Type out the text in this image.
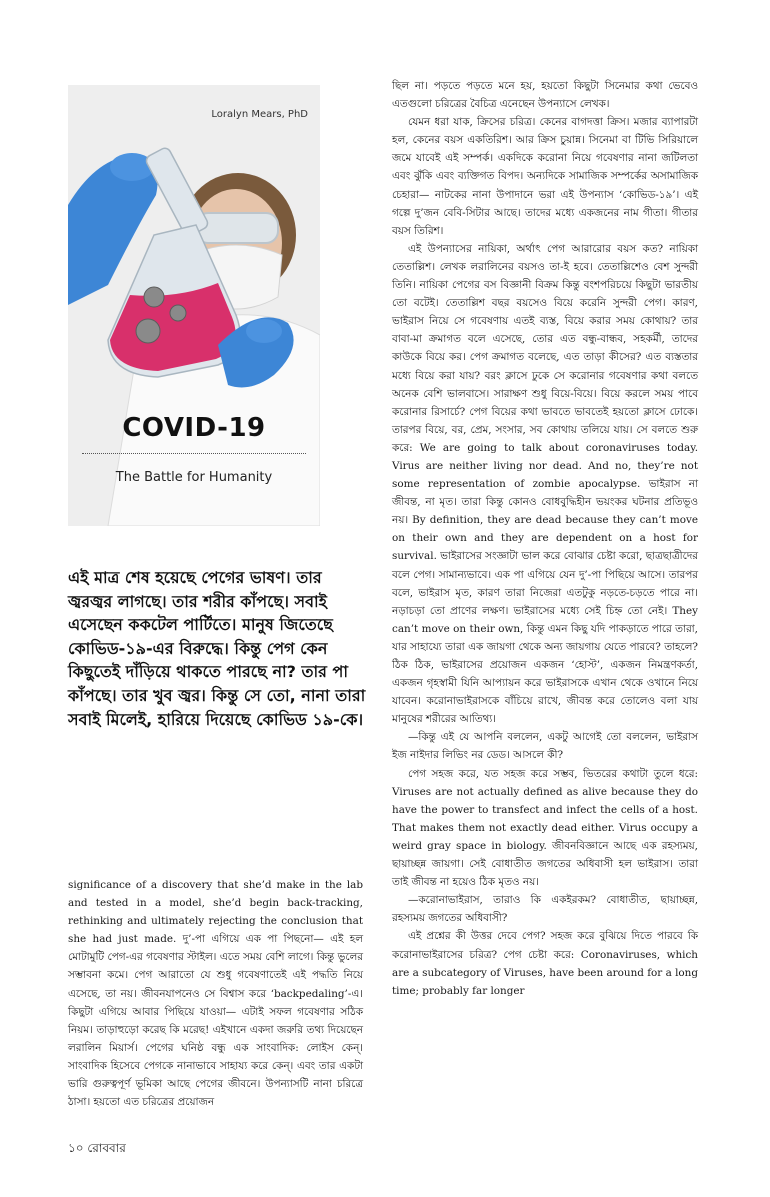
Loralyn Mears, PhD
COVID-19
The Battle for Humanity
এই মাত্র শেষ হয়েছে পেগের ভাষণ। তার জ্বরজ্বর লাগছে। তার শরীর কাঁপছে। সবাই এসেছেন ককটেল পার্টিতে। মানুষ জিতেছে কোভিড-১৯-এর বিরুদ্ধে। কিন্তু পেগ কেন কিছুতেই দাঁড়িয়ে থাকতে পারছে না? তার পা কাঁপছে। তার খুব জ্বর। কিন্তু সে তো, নানা তারা সবাই মিলেই, হারিয়ে দিয়েছে কোভিড ১৯-কে।

significance of a discovery that she’d make in the lab and tested in a model, she’d begin back-tracking, rethinking and ultimately rejecting the conclusion that she had just made. দু’-পা এগিয়ে এক পা পিছনো— এই হল মোটামুটি পেগ-এর গবেষণার স্টাইল। এতে সময় বেশি লাগে। কিন্তু ভুলের সম্ভাবনা কমে। পেগ আরাতো যে শুধু গবেষণাতেই এই পদ্ধতি নিয়ে এসেছে, তা নয়। জীবনযাপনেও সে বিশ্বাস করে ‘backpedaling’-এ। কিছুটা এগিয়ে আবার পিছিয়ে যাওয়া— এটাই সফল গবেষণার সঠিক নিয়ম। তাড়াহুড়ো করেছ কি মরেছ! এইখানে একদা জরুরি তথ্য দিয়েছেন লরালিন মিয়ার্স। পেগের ঘনিষ্ঠ বন্ধু এক সাংবাদিক: লোইস কেন্। সাংবাদিক হিসেবে পেগকে নানাভাবে সাহায্য করে কেন্। এবং তার একটা ভারি গুরুত্বপূর্ণ ভূমিকা আছে পেগের জীবনে। উপন্যাসটি নানা চরিত্রে ঠাসা। হয়তো এত চরিত্রের প্রয়োজন

ছিল না। পড়তে পড়তে মনে হয়, হয়তো কিছুটা সিনেমার কথা ভেবেও এতগুলো চরিত্রের বৈচিত্র এনেছেন উপন্যাসে লেখক।

যেমন ধরা যাক, ক্রিসের চরিত্র। কেনের বাগদত্তা ক্রিস। মজার ব্যাপারটা হল, কেনের বয়স একতিরিশ। আর ক্রিস চুয়ান্ন। সিনেমা বা টিভি সিরিয়ালে জমে যাবেই এই সম্পর্ক। একদিকে করোনা নিয়ে গবেষণার নানা জটিলতা এবং ঝুঁকি এবং ব্যক্তিগত বিপদ। অন্যদিকে সামাজিক সম্পর্কের অসামাজিক চেহারা— নাটকের নানা উপাদানে ভরা এই উপন্যাস ‘কোভিড-১৯’। এই গল্পে দু’জন বেবি-সিটার আছে। তাদের মধ্যে একজনের নাম গীতা। গীতার বয়স তিরিশ।

এই উপন্যাসের নায়িকা, অর্থাৎ পেগ আরারোর বয়স কত? নায়িকা তেতাল্লিশ। লেখক লরালিনের বয়সও তা-ই হবে। তেতাল্লিশেও বেশ সুন্দরী তিনি। নায়িকা পেগের বস বিজ্ঞানী বিক্রম কিন্তু বংশপরিচয়ে কিছুটা ভারতীয় তো বটেই। তেতাল্লিশ বছর বয়সেও বিয়ে করেনি সুন্দরী পেগ। কারণ, ভাইরাস নিয়ে সে গবেষণায় এতই ব্যস্ত, বিয়ে করার সময় কোথায়? তার বাবা-মা ক্রমাগত বলে এসেছে, তোর এত বন্ধু-বান্ধব, সহকর্মী, তাদের কাউকে বিয়ে কর। পেগ ক্রমাগত বলেছে, এত তাড়া কীসের? এত ব্যস্ততার মধ্যে বিয়ে করা যায়? বরং ক্লাসে ঢুকে সে করোনার গবেষণার কথা বলতে অনেক বেশি ভালবাসে। সারাক্ষণ শুধু বিয়ে-বিয়ে। বিয়ে করলে সময় পাবে করোনার রিসার্চে? পেগ বিয়ের কথা ভাবতে ভাবতেই হয়তো ক্লাসে ঢোকে। তারপর বিয়ে, বর, প্রেম, সংসার, সব কোথায় তলিয়ে যায়। সে বলতে শুরু করে: We are going to talk about coronaviruses today. Virus are neither living nor dead. And no, they’re not some representation of zombie apocalypse. ভাইরাস না জীবন্ত, না মৃত। তারা কিন্তু কোনও বোধবুদ্ধিহীন ভয়ংকর ঘটনার প্রতিভূও নয়। By definition, they are dead because they can’t move on their own and they are dependent on a host for survival. ভাইরাসের সংজ্ঞাটা ভাল করে বোঝার চেষ্টা করো, ছাত্রছাত্রীদের বলে পেগ। সামান্যভাবে। এক পা এগিয়ে যেন দু’-পা পিছিয়ে আসে। তারপর বলে, ভাইরাস মৃত, কারণ তারা নিজেরা এতটুকু নড়তে-চড়তে পারে না। নড়াচড়া তো প্রাণের লক্ষণ। ভাইরাসের মধ্যে সেই চিহ্ন তো নেই। They can’t move on their own, কিন্তু এমন কিছু যদি পাকড়াতে পারে তারা, যার সাহায্যে তারা এক জায়গা থেকে অন্য জায়গায় যেতে পারবে? তাহলে? ঠিক ঠিক, ভাইরাসের প্রয়োজন একজন ‘হোস্ট’, একজন নিমন্ত্রণকর্তা, একজন গৃহস্বামী যিনি আপ্যায়ন করে ভাইরাসকে এখান থেকে ওখানে নিয়ে যাবেন। করোনাভাইরাসকে বাঁচিয়ে রাখে, জীবন্ত করে তোলেও বলা যায় মানুষের শরীরের আতিথ্য।

—কিন্তু এই যে আপনি বললেন, একটু আগেই তো বললেন, ভাইরাস ইজ নাইদার লিভিং নর ডেড। আসলে কী?

পেগ সহজ করে, যত সহজ করে সম্ভব, ভিতরের কথাটা তুলে ধরে: Viruses are not actually defined as alive because they do have the power to transfect and infect the cells of a host. That makes them not exactly dead either. Virus occupy a weird gray space in biology. জীবনবিজ্ঞানে আছে এক রহস্যময়, ছায়াচ্ছন্ন জায়গা। সেই বোধাতীত জগতের অধিবাসী হল ভাইরাস। তারা তাই জীবন্ত না হয়েও ঠিক মৃতও নয়।

—করোনাভাইরাস, তারাও কি একইরকম? বোধাতীত, ছায়াচ্ছন্ন, রহস্যময় জগতের অধিবাসী?

এই প্রশ্নের কী উত্তর দেবে পেগ? সহজ করে বুঝিয়ে দিতে পারবে কি করোনাভাইরাসের চরিত্র? পেগ চেষ্টা করে: Coronaviruses, which are a subcategory of Viruses, have been around for a long time; probably far longer

১০ রোববার
